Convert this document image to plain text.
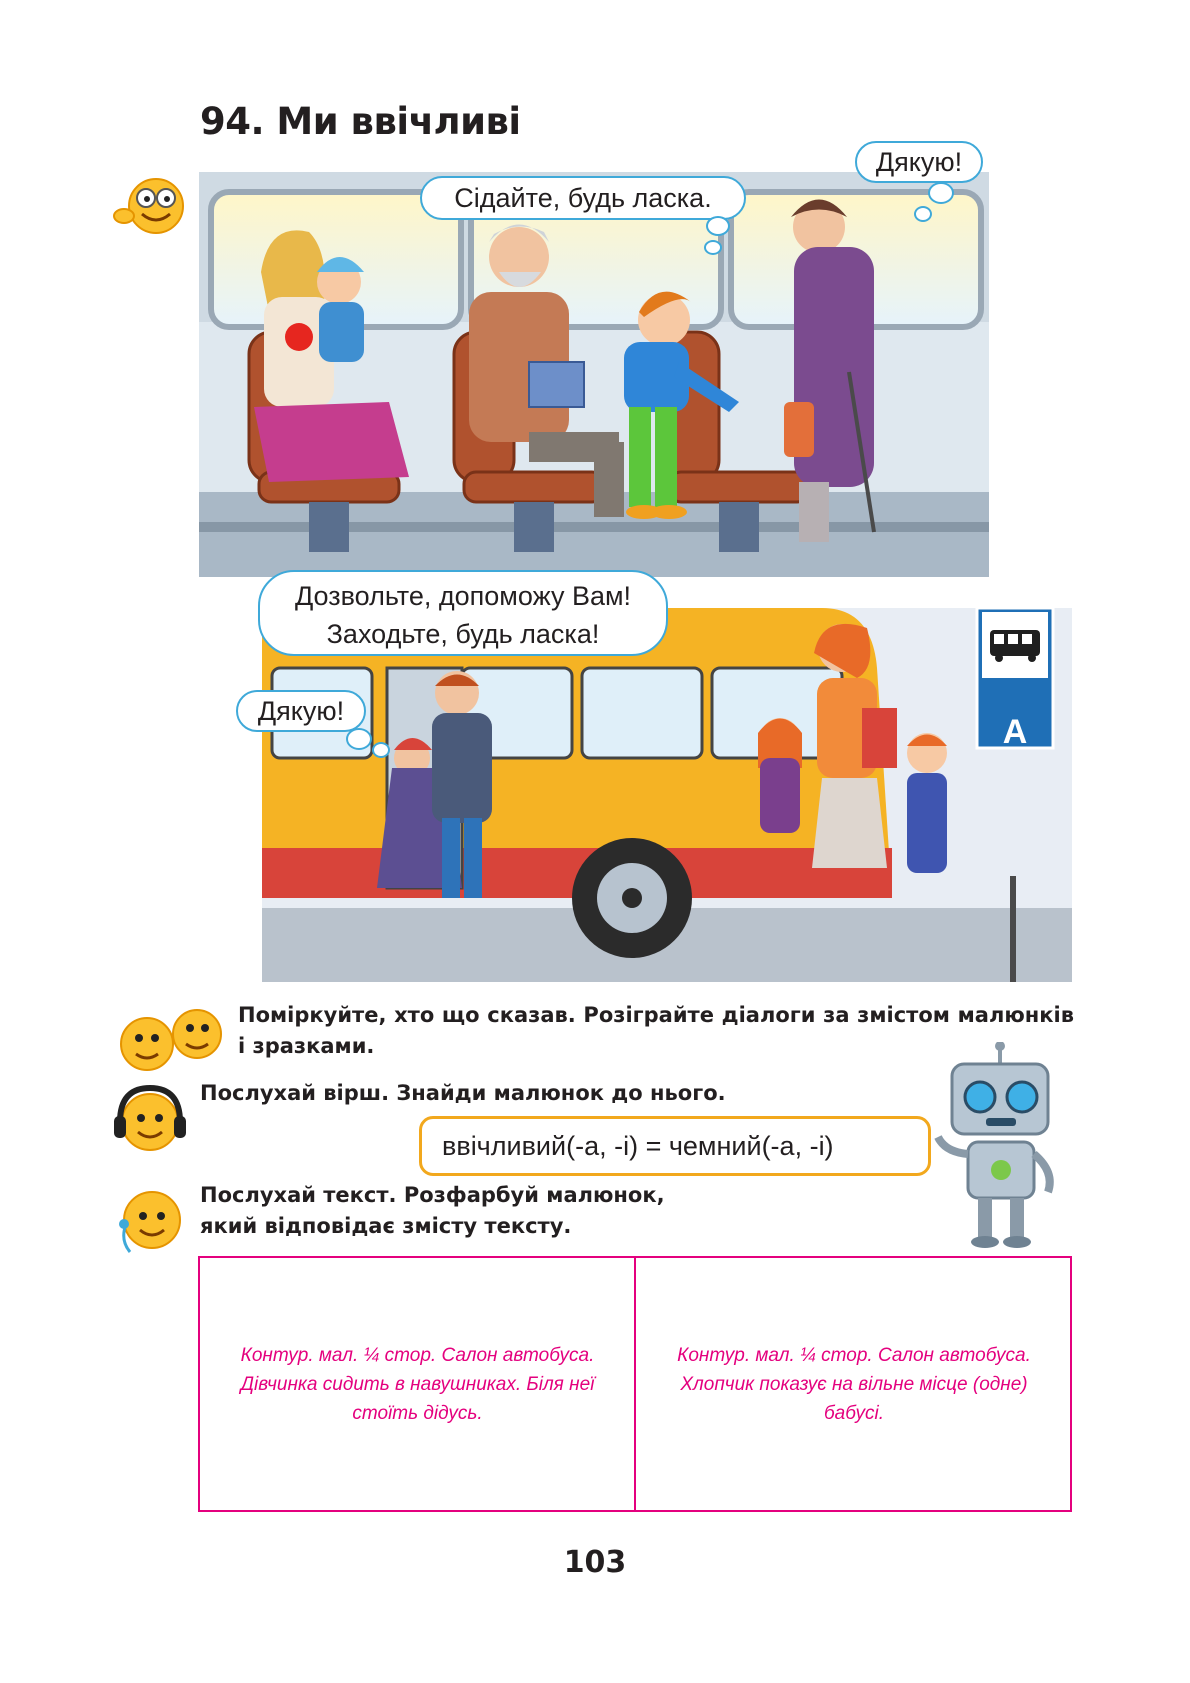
94. Ми ввічливі
Сідайте, будь ласка.
Дякую!
A
Дозвольте, допоможу Вам!
Заходьте, будь ласка!
Дякую!
Поміркуйте, хто що сказав. Розіграйте діалоги за змістом малюнків і зразками.
Послухай вірш. Знайди малюнок до нього.
ввічливий(-а, -і) = чемний(-а, -і)
Послухай текст. Розфарбуй малюнок,
який відповідає змісту тексту.

Контур. мал. ¼ стор. Салон автобуса. Дівчинка сидить в навушниках. Біля неї стоїть дідусь.

Контур. мал. ¼ стор. Салон автобуса. Хлопчик показує на вільне місце (одне) бабусі.

103
